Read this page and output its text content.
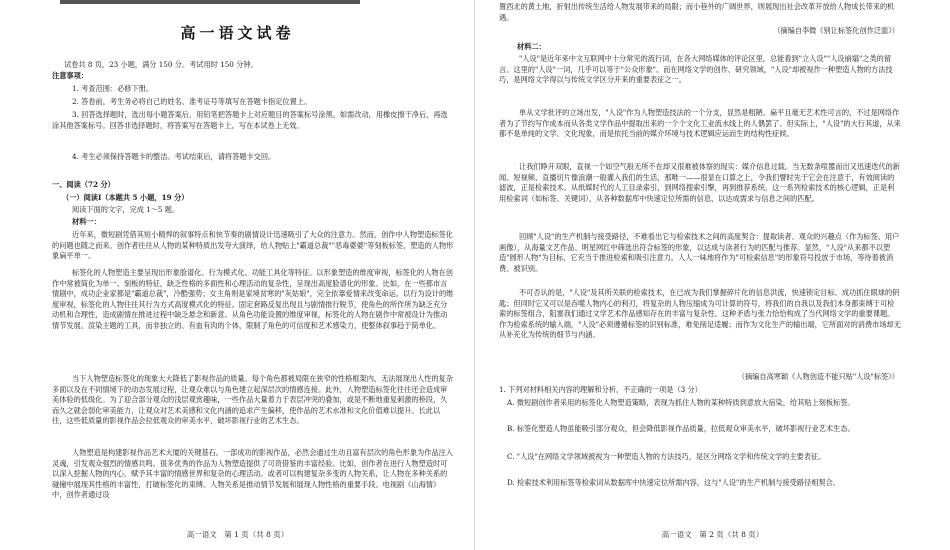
高一语文试卷

试卷共 8 页，23 小题，满分 150 分。考试用时 150 分钟。

注意事项：

1. 考查范围：必修下册。

2. 答卷前，考生务必将自己的姓名、准考证号等填写在答题卡指定位置上。

3. 回答选择题时，选出每小题答案后，用铅笔把答题卡上对应题目的答案标号涂黑。如需改动，用橡皮擦干净后，再选涂其他答案标号。回答非选择题时，将答案写在答题卡上。写在本试卷上无效。

4. 考生必须保持答题卡的整洁。考试结束后，请将答题卡交回。

一、阅读（72 分）

（一）阅读Ⅰ（本题共 5 小题，19 分）

阅读下面的文字，完成 1～5 题。

材料一：

近年来，微短剧凭借其短小精悍的叙事特点和快节奏的剧情设计迅速吸引了大众的注意力。然而，创作中人物塑造标签化的问题也随之而来。创作者往往从人物的某种特质出发夸大演绎，给人物贴上"霸道总裁""恶毒婆婆"等刻板标签，塑造的人物形象扁平单一。

标签化的人物塑造主要呈现出形象脸谱化、行为模式化、功能工具化等特征。以形象塑造的维度审视，标签化的人物在创作中常被简化为单一、刻板的特征，缺乏性格的多面性和心理活动的复杂性，呈现出高度脸谱化的形象。比如，在一些都市言情剧中，成功企业家都是"霸道总裁"，冷酷强势；女主角则是家境贫寒的"灰姑娘"，完全依靠爱情来改变命运。以行为设计的维度审视，标签化的人物往往其行为方式高度模式化的特征。固定套路反复出现且与剧情推行脱节，使角色的所作所为缺乏充分动机和合理性，造成剧情在推进过程中缺乏悬念和新意。从角色功能设置的维度审视，标签化的人物在剧作中常被设计为推动情节发展、渲染主题的工具，而非独立的、有血有肉的个体，限制了角色的可信度和艺术感染力，使整体叙事趋于简单化。

当下人物塑造标签化的现象大大降低了影视作品的质量。每个角色都被局限在狭窄的性格框架内，无法展现出人性的复杂多面以及在不同情境下的动态发展过程，让观众难以与角色建立起深层次的情感连接。此外，人物塑造标签化往往还会造成审美体验的低级化。为了迎合部分观众的浅层观赏趣味，一些作品大量着力于表层冲突的叠加，或是不断地重复刺激的桥段，久而久之就会弱化审美能力，让观众对艺术美感和文化内涵的追求产生偏移，使作品的艺术水准和文化价值难以提升。长此以往，这些低质量的影视作品会拉低观众的审美水平，破坏影视行业的艺术生态。

人物塑造是构建影视作品艺术大厦的关键基石。一部成功的影视作品，必然会通过生动且富有层次的角色形象为作品注入灵魂，引发观众强烈的情感共鸣。很多优秀的作品为人物塑造提供了可资借鉴的丰富经验。比如，创作者在进行人物塑造时可以深入挖掘人物的内心，赋予其丰富的情感世界和复杂的心理活动。或者可以构建复杂多变的人物关系，让人物在多种关系的碰撞中展现其性格的丰富性，打破标签化的束缚。人物关系是推动情节发展和展现人物性格的重要手段。电视剧《山海情》中，创作者通过设

高一语文　第 1 页（共 8 页）

置西北的黄土地，折射出传统生活给人物发展带来的局限；而小巷外的广阔世界，则展现出社会改革开放给人物成长带来的机遇。

（摘编自李微《别让标签化创作泛滥》）

材料二：

"人设"是近年来中文互联网中十分常见的流行词，在各大网络媒体的评论区里，总能看到"立人设""人设崩塌"之类的留言。这里的"人设"一词，几乎可以等于"公众形象"。而在网络文学的创作、研究领域，"人设"却被视作一种塑造人物的方法技巧，是网络文学得以与传统文学区分开来的重要表征之一。

单从文学批评的立场出发，"人设"作为人物塑造技法的一个分支，显然是粗陋、扁平且毫无艺术性可言的，不过是网络作者为了节约写作成本而从各类文学作品中提取出来的一个个文化工业流水线上的人偶罢了。但实际上，"人设"的大行其道，从来都不是单纯的文学、文化现象，而是依托当前的媒介环境与技术逻辑应运而生的结构性症候。

让我们睁开双眼，直视一个如空气般无所不在却又很难被体察的现实：媒介信息过载。当无数条喧嚣而出又迅速迭代的新闻、短视频、直播切片像浪潮一般灌入我们的生活，那唯一——很显在口算之上，令我们譬时先于它会在注意于，有效阅读的滤波，正是检索技术。从纸媒时代的人工目录索引，到网络搜索引擎，再到推荐系统，这一系列检索技术的核心逻辑，正是利用检索词（如标签、关键词），从各种数据库中快速定位所需的信息，以达成需求与信息之间的匹配。

回顾"人设"的生产机制与接受路径，不难看出它与检索技术之间的高度契合：提取读者、观众的兴趣点（作为标签、用户画像），从海量文艺作品、明星网红中筛选出符合标签的形象，以达成与读者行为的匹配与推荐。显然，"人设"从来都不以塑造"圆形人物"为目标，它充当于推进检索和吸引注意力，人人一味地将作为"可检索信息"的形象符号投放于市场，等待着被消费、被识别。

不可否认的是，"人设"及其所关联的检索技术，在已成为我们掌握碎片化的信息洪流，快速锁定目标、成功抓住眼球的钥匙；但同时它又可以是吞噬人物内心的利刃，将复杂的人物压缩成为可计算的符号，将我们的自我以及我们本身都束缚于可检索的标签组合，阻塞我们通过文学艺术作品感知存在的丰富与复杂性。这种矛盾与张力恰恰构成了当代网络文学的重要课题。作为检索系统的输入端，"人设"必须遵循标签的识别标准，难免削足适履；而作为文化生产的输出端，它所面对的消费市场却无从补充化为传统的细节与内涵。

（摘编自高寒颖《人物创造不能只贴"人设"标签》）

1. 下列对材料相关内容的理解和分析，不正确的一项是（3 分）

A. 微短剧创作者采用的标签化人物塑造策略，表现为抓住人物的某种特质到意放大宿染，给其贴上刻板标签。

B. 标签化塑造人物虽能吸引部分观众，但会降低影视作品质量，拉低观众审美水平，破坏影视行业艺术生态。

C. "人设"在网络文学领域被视为一种塑造人物的方法技巧，是区分网络文学和传统文学的主要表征。

D. 检索技术利用标签等检索词从数据库中快速定位所需内容，这与"人设"的生产机制与接受路径相契合。

高一语文　第 2 页（共 8 页）
